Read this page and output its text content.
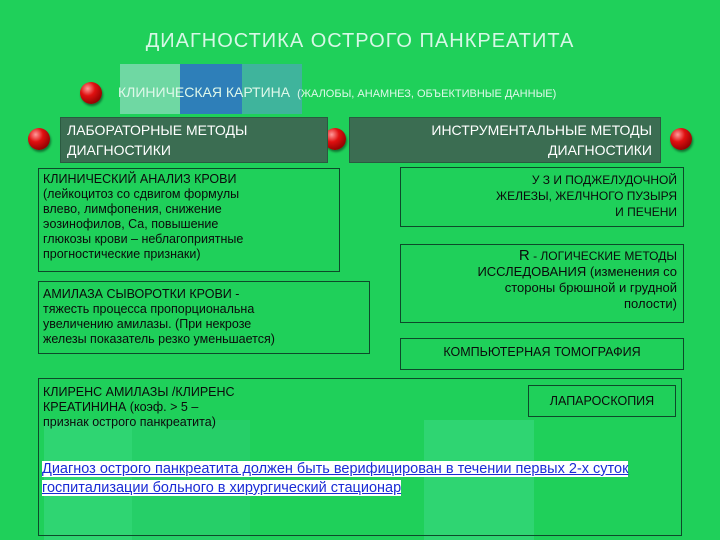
ДИАГНОСТИКА ОСТРОГО ПАНКРЕАТИТА
КЛИНИЧЕСКАЯ КАРТИНА (ЖАЛОБЫ, АНАМНЕЗ, ОБЪЕКТИВНЫЕ ДАННЫЕ)
ЛАБОРАТОРНЫЕ МЕТОДЫ
ДИАГНОСТИКИ
ИНСТРУМЕНТАЛЬНЫЕ МЕТОДЫ
ДИАГНОСТИКИ
КЛИНИЧЕСКИЙ АНАЛИЗ КРОВИ
(лейкоцитоз со сдвигом формулы
влево, лимфопения, снижение
эозинофилов, Са, повышение
глюкозы крови – неблагоприятные
прогностические признаки)
АМИЛАЗА СЫВОРОТКИ КРОВИ -
тяжесть процесса пропорциональна
увеличению амилазы. (При некрозе
железы показатель резко уменьшается)
КЛИРЕНС АМИЛАЗЫ /КЛИРЕНС
КРЕАТИНИНА (коэф. > 5 –
признак острого панкреатита)
У З И ПОДЖЕЛУДОЧНОЙ
ЖЕЛЕЗЫ, ЖЕЛЧНОГО ПУЗЫРЯ
И ПЕЧЕНИ
R - ЛОГИЧЕСКИЕ МЕТОДЫ
ИССЛЕДОВАНИЯ (изменения со
стороны брюшной и грудной
полости)
КОМПЬЮТЕРНАЯ ТОМОГРАФИЯ
ЛАПАРОСКОПИЯ
Диагноз острого панкреатита должен быть верифицирован в течении первых 2-х суток госпитализации больного в хирургический стационар
